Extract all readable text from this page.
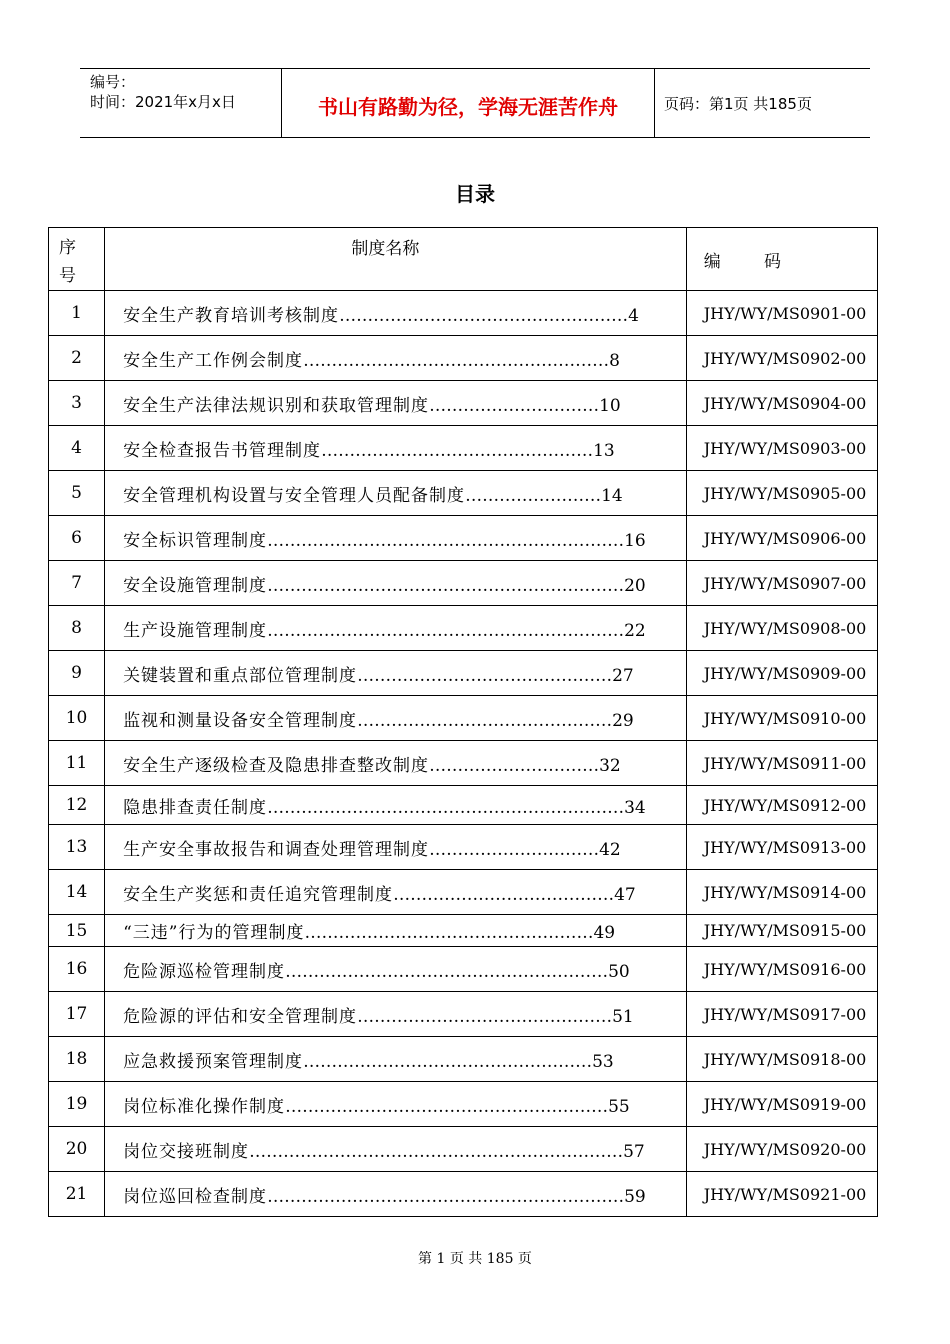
编号：
时间：2021年x月x日	书山有路勤为径，学海无涯苦作舟	页码：第1页 共185页
目录
序
号	制度名称	编        码
1	安全生产教育培训考核制度……………………………………………4	JHY/WY/MS0901-00
2	安全生产工作例会制度………………………………………………8	JHY/WY/MS0902-00
3	安全生产法律法规识别和获取管理制度…………………………10	JHY/WY/MS0904-00
4	安全检查报告书管理制度…………………………………………13	JHY/WY/MS0903-00
5	安全管理机构设置与安全管理人员配备制度……………………14	JHY/WY/MS0905-00
6	安全标识管理制度………………………………………………………16	JHY/WY/MS0906-00
7	安全设施管理制度………………………………………………………20	JHY/WY/MS0907-00
8	生产设施管理制度………………………………………………………22	JHY/WY/MS0908-00
9	关键装置和重点部位管理制度………………………………………27	JHY/WY/MS0909-00
10	监视和测量设备安全管理制度………………………………………29	JHY/WY/MS0910-00
11	安全生产逐级检查及隐患排查整改制度…………………………32	JHY/WY/MS0911-00
12	隐患排查责任制度………………………………………………………34	JHY/WY/MS0912-00
13	生产安全事故报告和调查处理管理制度…………………………42	JHY/WY/MS0913-00
14	安全生产奖惩和责任追究管理制度…………………………………47	JHY/WY/MS0914-00
15	“三违”行为的管理制度……………………………………………49	JHY/WY/MS0915-00
16	危险源巡检管理制度…………………………………………………50	JHY/WY/MS0916-00
17	危险源的评估和安全管理制度………………………………………51	JHY/WY/MS0917-00
18	应急救援预案管理制度……………………………………………53	JHY/WY/MS0918-00
19	岗位标准化操作制度…………………………………………………55	JHY/WY/MS0919-00
20	岗位交接班制度…………………………………………………………57	JHY/WY/MS0920-00
21	岗位巡回检查制度………………………………………………………59	JHY/WY/MS0921-00
第 1 页 共 185 页
